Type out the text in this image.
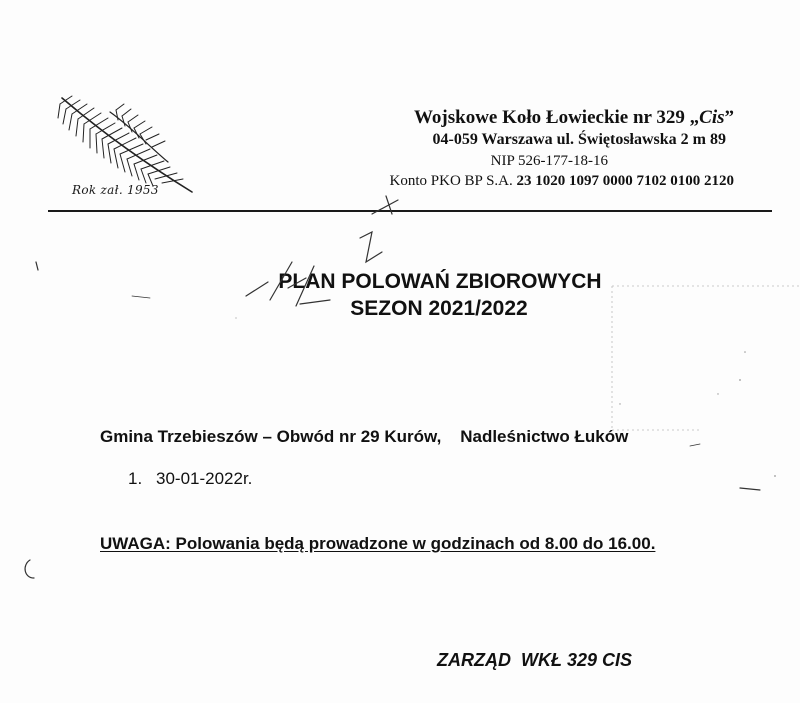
Rok zał. 1953
Wojskowe Koło Łowieckie nr 329 „Cis”
04-059 Warszawa ul. Świętosławska 2 m 89
NIP 526-177-18-16
Konto PKO BP S.A. 23 1020 1097 0000 7102 0100 2120
PLAN POLOWAŃ ZBIOROWYCH
SEZON 2021/2022
Gmina Trzebieszów – Obwód nr 29 Kurów,    Nadleśnictwo Łuków
1. 30-01-2022r.
UWAGA: Polowania będą prowadzone w godzinach od 8.00 do 16.00.
ZARZĄD  WKŁ 329 CIS
